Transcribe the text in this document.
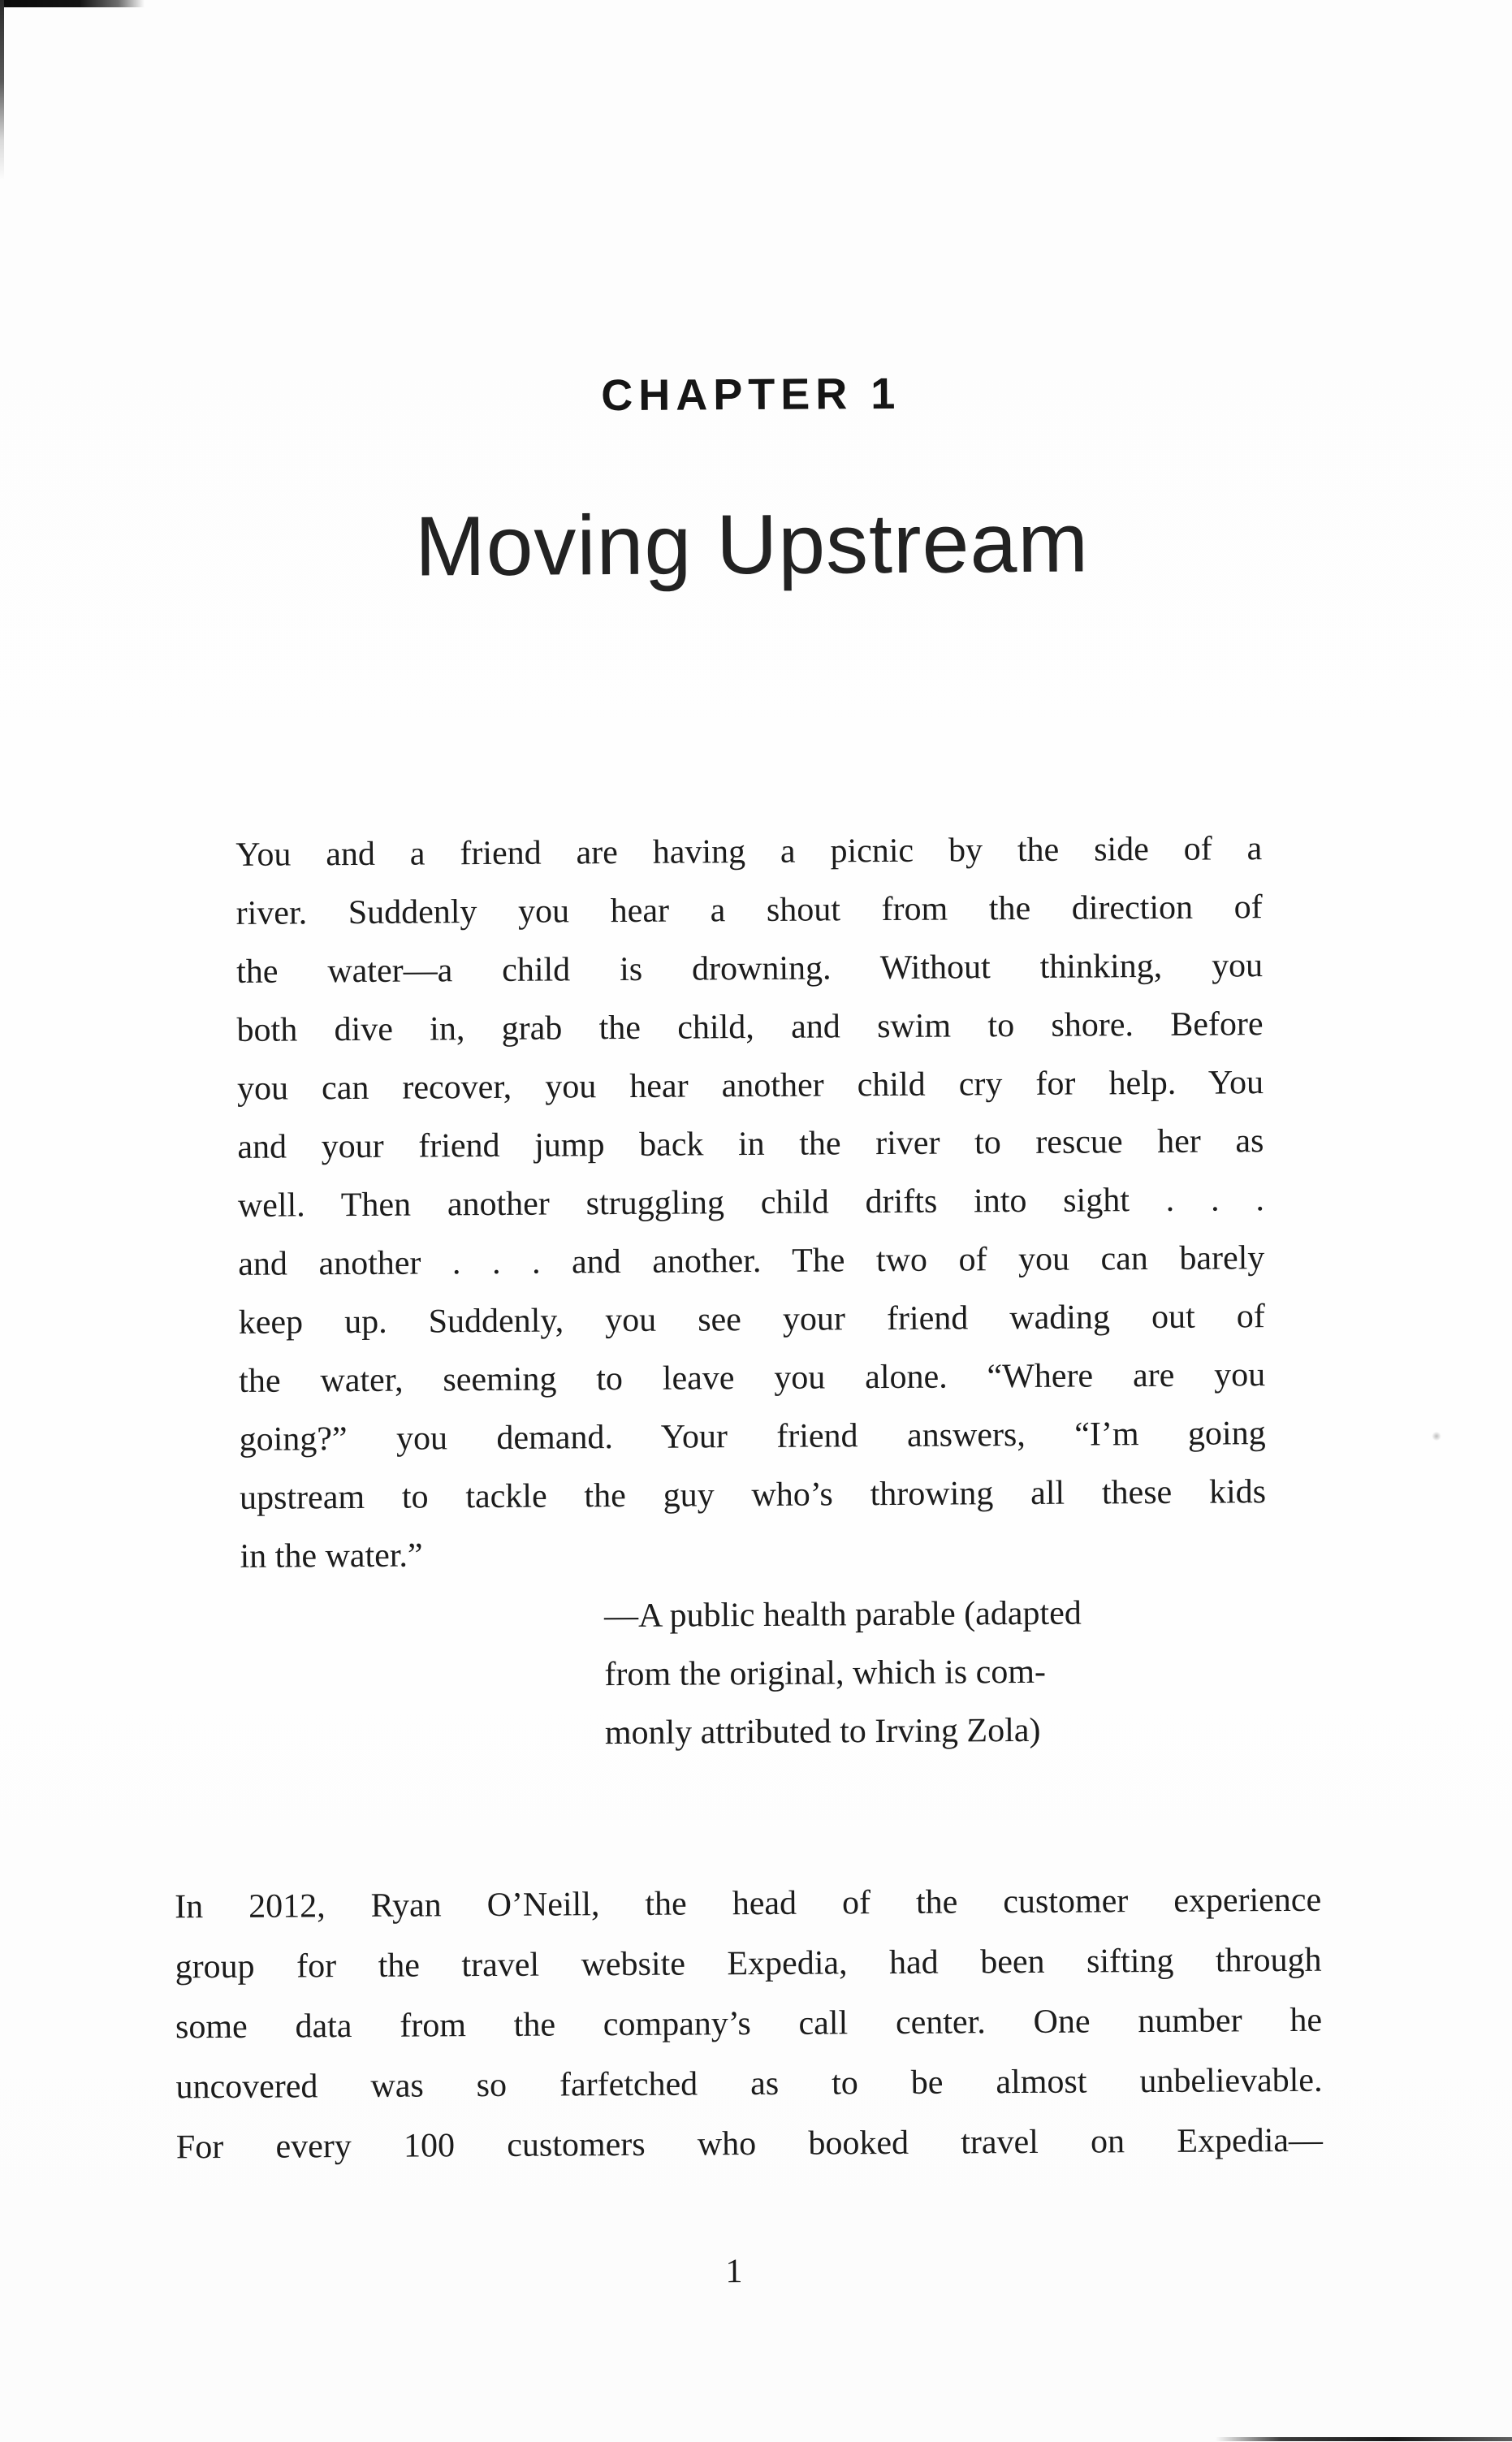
CHAPTER 1
Moving Upstream
You and a friend are having a picnic by the side of a
river. Suddenly you hear a shout from the direction of
the water—a child is drowning. Without thinking, you
both dive in, grab the child, and swim to shore. Before
you can recover, you hear another child cry for help. You
and your friend jump back in the river to rescue her as
well. Then another struggling child drifts into sight . . .
and another . . . and another. The two of you can barely
keep up. Suddenly, you see your friend wading out of
the water, seeming to leave you alone. “Where are you
going?” you demand. Your friend answers, “I’m going
upstream to tackle the guy who’s throwing all these kids
in the water.”
—A public health parable (adapted
from the original, which is com-
monly attributed to Irving Zola)
In 2012, Ryan O’Neill, the head of the customer experience
group for the travel website Expedia, had been sifting through
some data from the company’s call center. One number he
uncovered was so farfetched as to be almost unbelievable.
For every 100 customers who booked travel on Expedia—
1
